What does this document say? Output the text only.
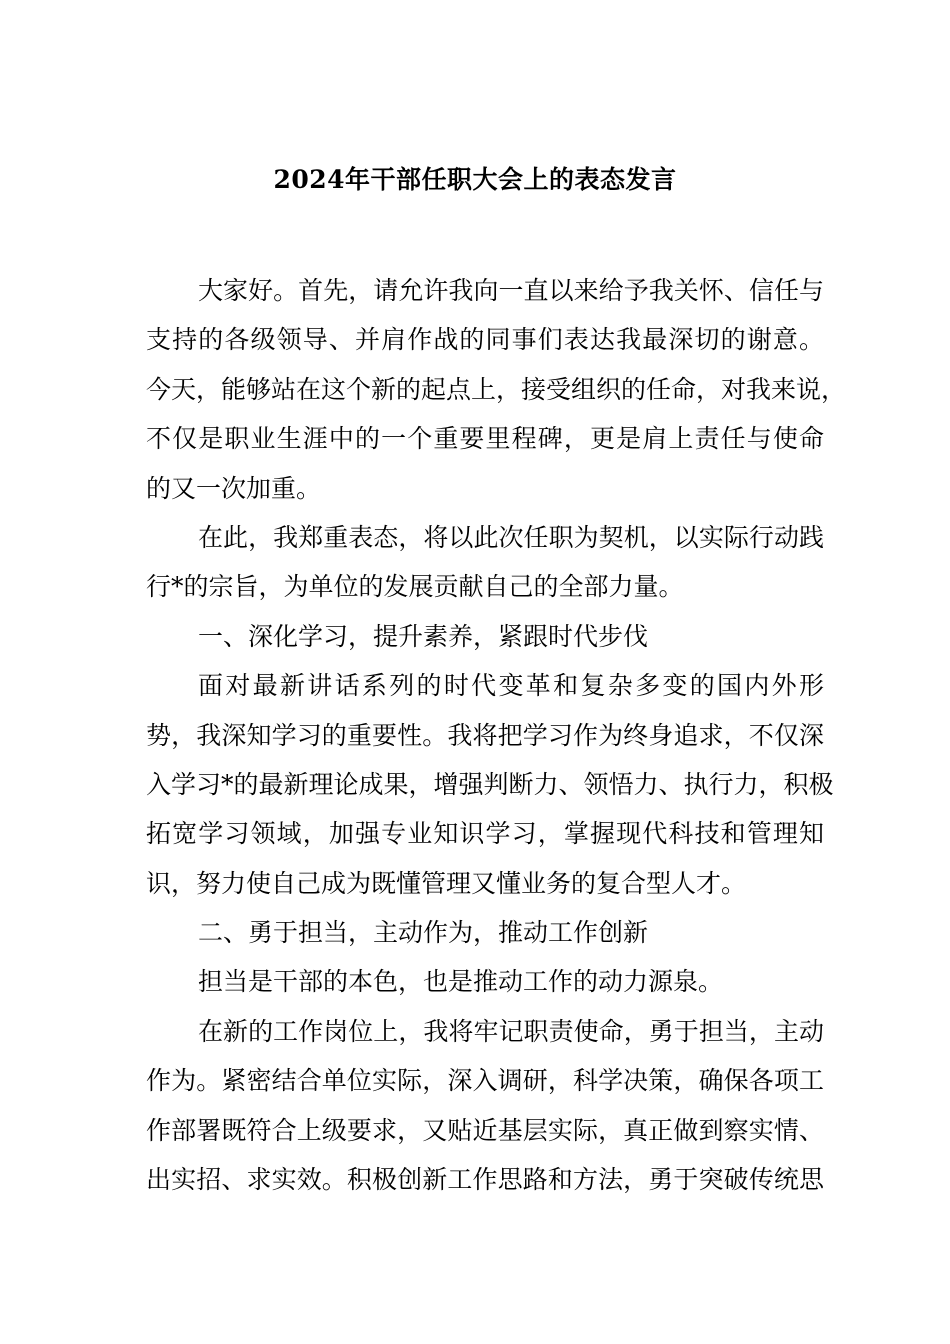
2024年干部任职大会上的表态发言
大家好。首先，请允许我向一直以来给予我关怀、信任与
支持的各级领导、并肩作战的同事们表达我最深切的谢意。
今天，能够站在这个新的起点上，接受组织的任命，对我来说，
不仅是职业生涯中的一个重要里程碑，更是肩上责任与使命
的又一次加重。
在此，我郑重表态，将以此次任职为契机，以实际行动践
行*的宗旨，为单位的发展贡献自己的全部力量。
一、深化学习，提升素养，紧跟时代步伐
面对最新讲话系列的时代变革和复杂多变的国内外形
势，我深知学习的重要性。我将把学习作为终身追求，不仅深
入学习*的最新理论成果，增强判断力、领悟力、执行力，积极
拓宽学习领域，加强专业知识学习，掌握现代科技和管理知
识，努力使自己成为既懂管理又懂业务的复合型人才。
二、勇于担当，主动作为，推动工作创新
担当是干部的本色，也是推动工作的动力源泉。
在新的工作岗位上，我将牢记职责使命，勇于担当，主动
作为。紧密结合单位实际，深入调研，科学决策，确保各项工
作部署既符合上级要求，又贴近基层实际，真正做到察实情、
出实招、求实效。积极创新工作思路和方法，勇于突破传统思
